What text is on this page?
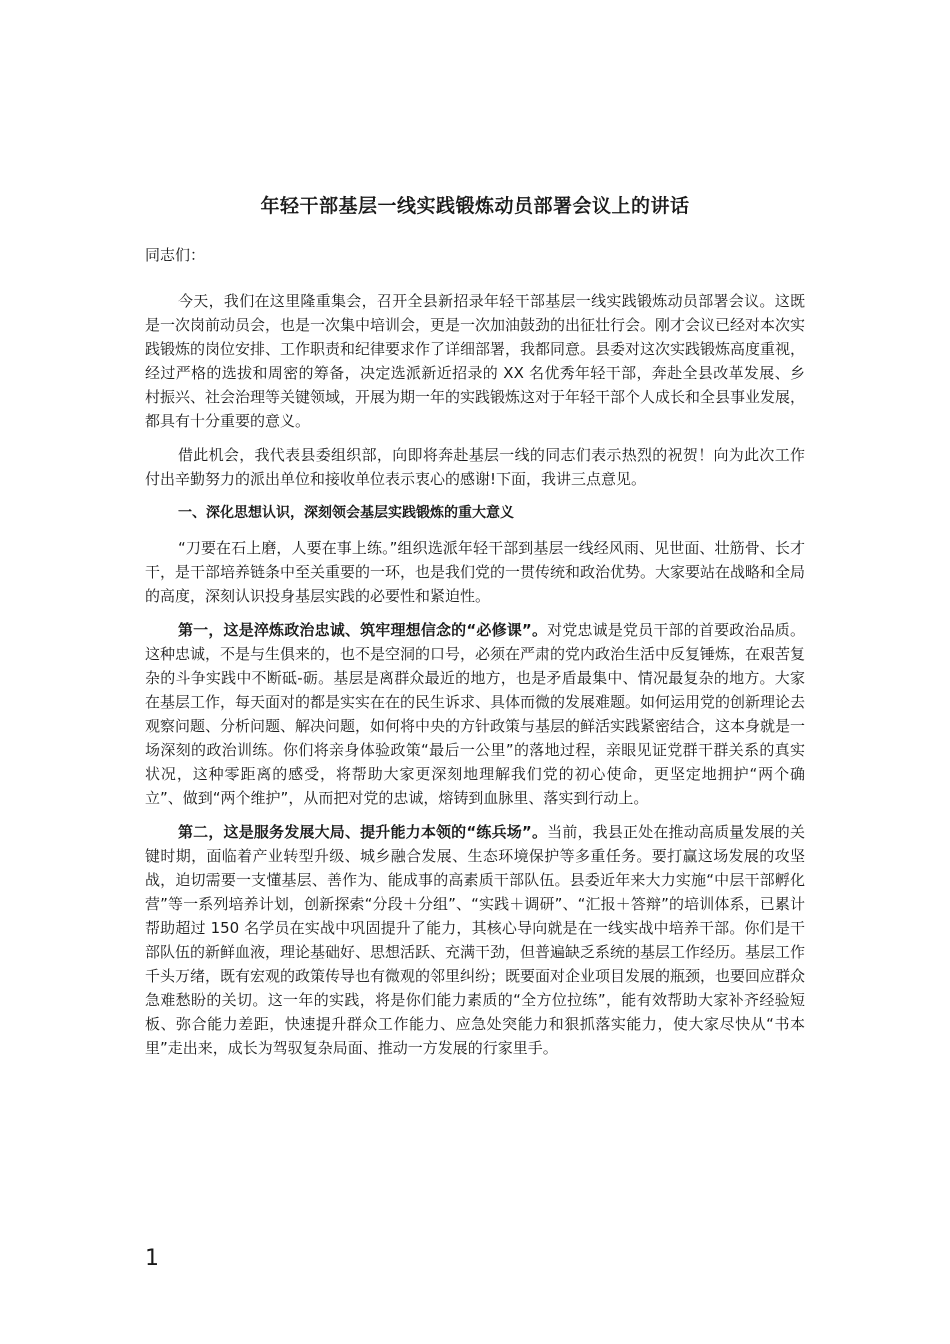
年轻干部基层一线实践锻炼动员部署会议上的讲话

同志们：

今天，我们在这里隆重集会，召开全县新招录年轻干部基层一线实践锻炼动员部署会议。这既是一次岗前动员会，也是一次集中培训会，更是一次加油鼓劲的出征壮行会。刚才会议已经对本次实践锻炼的岗位安排、工作职责和纪律要求作了详细部署，我都同意。县委对这次实践锻炼高度重视，经过严格的选拔和周密的筹备，决定选派新近招录的 XX 名优秀年轻干部，奔赴全县改革发展、乡村振兴、社会治理等关键领域，开展为期一年的实践锻炼这对于年轻干部个人成长和全县事业发展，都具有十分重要的意义。

借此机会，我代表县委组织部，向即将奔赴基层一线的同志们表示热烈的祝贺！向为此次工作付出辛勤努力的派出单位和接收单位表示衷心的感谢!下面，我讲三点意见。

一、深化思想认识，深刻领会基层实践锻炼的重大意义

“刀要在石上磨，人要在事上练。”组织选派年轻干部到基层一线经风雨、见世面、壮筋骨、长才干，是干部培养链条中至关重要的一环，也是我们党的一贯传统和政治优势。大家要站在战略和全局的高度，深刻认识投身基层实践的必要性和紧迫性。

第一，这是淬炼政治忠诚、筑牢理想信念的“必修课”。对党忠诚是党员干部的首要政治品质。这种忠诚，不是与生俱来的，也不是空洞的口号，必须在严肃的党内政治生活中反复锤炼，在艰苦复杂的斗争实践中不断砥-砺。基层是离群众最近的地方，也是矛盾最集中、情况最复杂的地方。大家在基层工作，每天面对的都是实实在在的民生诉求、具体而微的发展难题。如何运用党的创新理论去观察问题、分析问题、解决问题，如何将中央的方针政策与基层的鲜活实践紧密结合，这本身就是一场深刻的政治训练。你们将亲身体验政策“最后一公里”的落地过程，亲眼见证党群干群关系的真实状况，这种零距离的感受，将帮助大家更深刻地理解我们党的初心使命，更坚定地拥护“两个确立”、做到“两个维护”，从而把对党的忠诚，熔铸到血脉里、落实到行动上。

第二，这是服务发展大局、提升能力本领的“练兵场”。当前，我县正处在推动高质量发展的关键时期，面临着产业转型升级、城乡融合发展、生态环境保护等多重任务。要打赢这场发展的攻坚战，迫切需要一支懂基层、善作为、能成事的高素质干部队伍。县委近年来大力实施“中层干部孵化营”等一系列培养计划，创新探索“分段＋分组”、“实践＋调研”、“汇报＋答辩”的培训体系，已累计帮助超过 150 名学员在实战中巩固提升了能力，其核心导向就是在一线实战中培养干部。你们是干部队伍的新鲜血液，理论基础好、思想活跃、充满干劲，但普遍缺乏系统的基层工作经历。基层工作千头万绪，既有宏观的政策传导也有微观的邻里纠纷；既要面对企业项目发展的瓶颈，也要回应群众急难愁盼的关切。这一年的实践，将是你们能力素质的“全方位拉练”，能有效帮助大家补齐经验短板、弥合能力差距，快速提升群众工作能力、应急处突能力和狠抓落实能力，使大家尽快从“书本里”走出来，成长为驾驭复杂局面、推动一方发展的行家里手。

1
